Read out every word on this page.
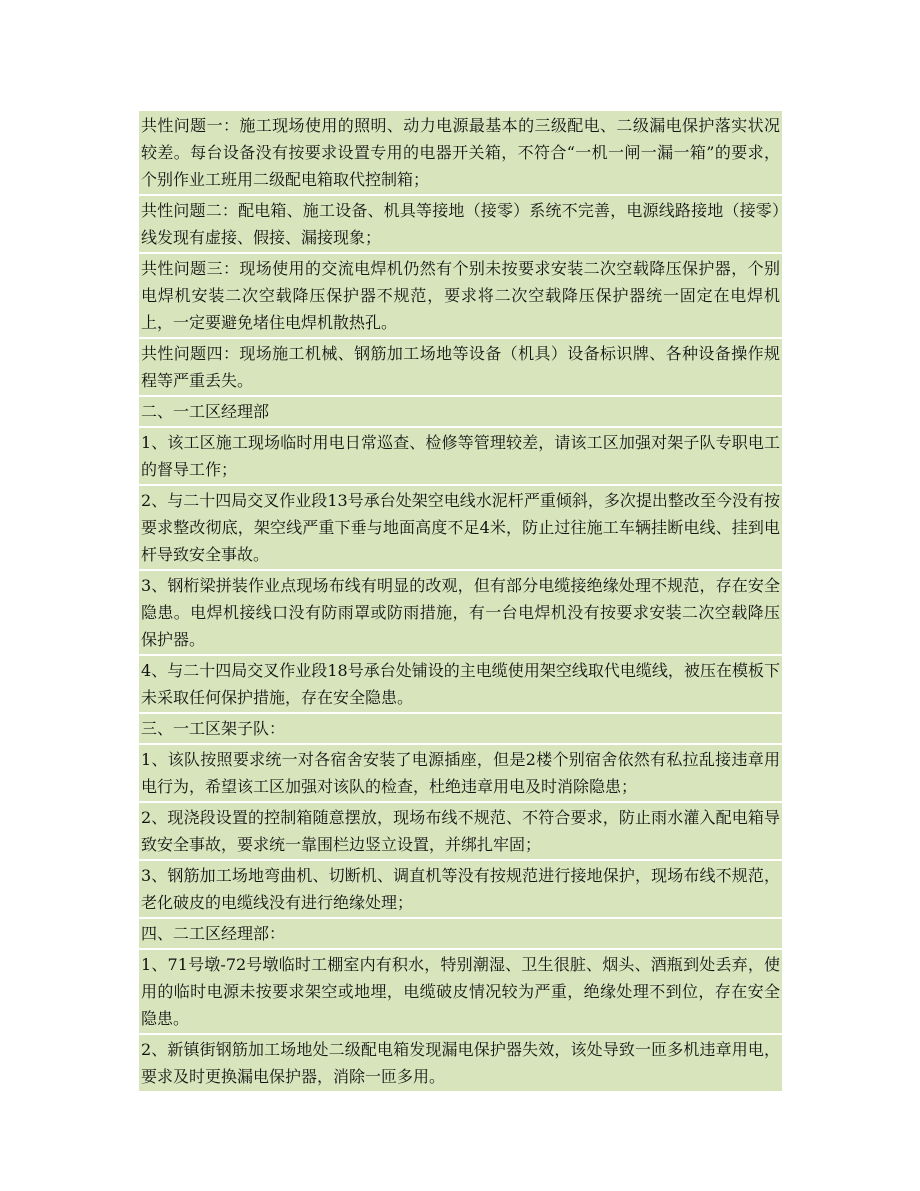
共性问题一：施工现场使用的照明、动力电源最基本的三级配电、二级漏电保护落实状况较差。每台设备没有按要求设置专用的电器开关箱，不符合“一机一闸一漏一箱”的要求，个别作业工班用二级配电箱取代控制箱；

共性问题二：配电箱、施工设备、机具等接地（接零）系统不完善，电源线路接地（接零）线发现有虚接、假接、漏接现象；

共性问题三：现场使用的交流电焊机仍然有个别未按要求安装二次空载降压保护器，个别电焊机安装二次空载降压保护器不规范，要求将二次空载降压保护器统一固定在电焊机上，一定要避免堵住电焊机散热孔。

共性问题四：现场施工机械、钢筋加工场地等设备（机具）设备标识牌、各种设备操作规程等严重丢失。

二、一工区经理部

1、该工区施工现场临时用电日常巡查、检修等管理较差，请该工区加强对架子队专职电工的督导工作；

2、与二十四局交叉作业段13号承台处架空电线水泥杆严重倾斜，多次提出整改至今没有按要求整改彻底，架空线严重下垂与地面高度不足4米，防止过往施工车辆挂断电线、挂到电杆导致安全事故。

3、钢桁梁拼装作业点现场布线有明显的改观，但有部分电缆接绝缘处理不规范，存在安全隐患。电焊机接线口没有防雨罩或防雨措施，有一台电焊机没有按要求安装二次空载降压保护器。

4、与二十四局交叉作业段18号承台处铺设的主电缆使用架空线取代电缆线，被压在模板下未采取任何保护措施，存在安全隐患。

三、一工区架子队：

1、该队按照要求统一对各宿舍安装了电源插座，但是2楼个别宿舍依然有私拉乱接违章用电行为，希望该工区加强对该队的检查，杜绝违章用电及时消除隐患；

2、现浇段设置的控制箱随意摆放，现场布线不规范、不符合要求，防止雨水灌入配电箱导致安全事故，要求统一靠围栏边竖立设置，并绑扎牢固；

3、钢筋加工场地弯曲机、切断机、调直机等没有按规范进行接地保护，现场布线不规范，老化破皮的电缆线没有进行绝缘处理；

四、二工区经理部：

1、71号墩-72号墩临时工棚室内有积水，特别潮湿、卫生很脏、烟头、酒瓶到处丢弃，使用的临时电源未按要求架空或地埋，电缆破皮情况较为严重，绝缘处理不到位，存在安全隐患。

2、新镇街钢筋加工场地处二级配电箱发现漏电保护器失效，该处导致一匝多机违章用电，要求及时更换漏电保护器，消除一匝多用。
